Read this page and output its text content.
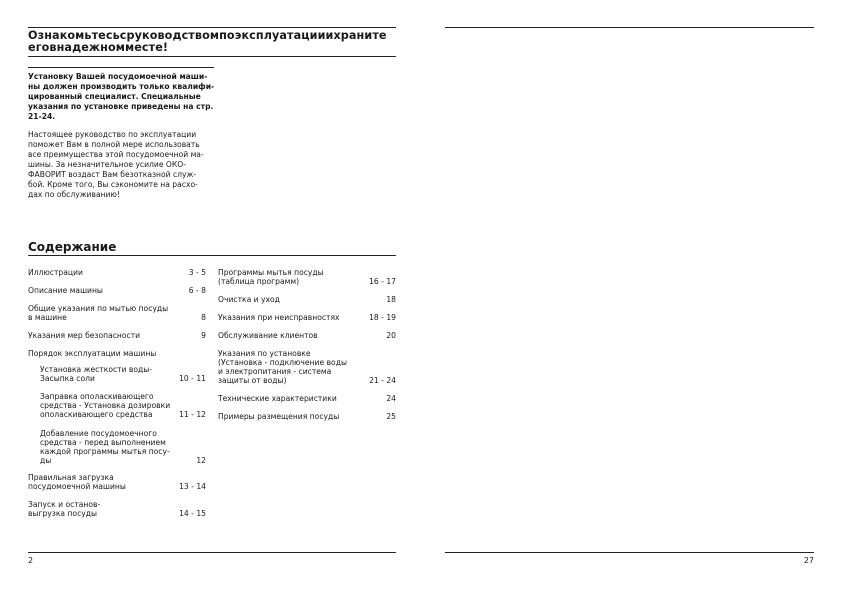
Ознакомьтесьсруководствомпоэксплуатацииихраните
еговнадежномместе!
Установку Вашей посудомоечной маши-
ны должен производить только квалифи-
цированный специалист. Специальные
указания по установке приведены на стр.
21-24.
Настоящее руководство по эксплуатации
поможет Вам в полной мере использовать
все преимущества этой посудомоечной ма-
шины. За незначительное усилие ОКО-
ФАВОРИТ воздаст Вам безотказной служ-
бой. Кроме того, Вы сэкономите на расхо-
дах по обслуживанию!
Содержание
Иллюстрации	3 - 5
Описание машины	6 - 8
Общие указания по мытью посуды
в машине	8
Указания мер безопасности	9
Порядок эксплуатации машины
Установка жесткости воды-
Засыпка соли	10 - 11
Заправка ополаскивающего
средства - Установка дозировки
ополаскивающего средства	11 - 12
Добавление посудомоечного
средства - перед выполнением
каждой программы мытья посу-
ды	12
Правильная загрузка
посудомоечной машины	13 - 14
Запуск и останов-
выгрузка посуды	14 - 15
Программы мытья посуды
(таблица программ)	16 - 17
Очистка и уход	18
Указания при неисправностях	18 - 19
Обслуживание клиентов	20
Указания по установке
(Установка - подключение воды
и электропитания - система
защиты от воды)	21 - 24
Технические характеристики	24
Примеры размещения посуды	25
2	27
